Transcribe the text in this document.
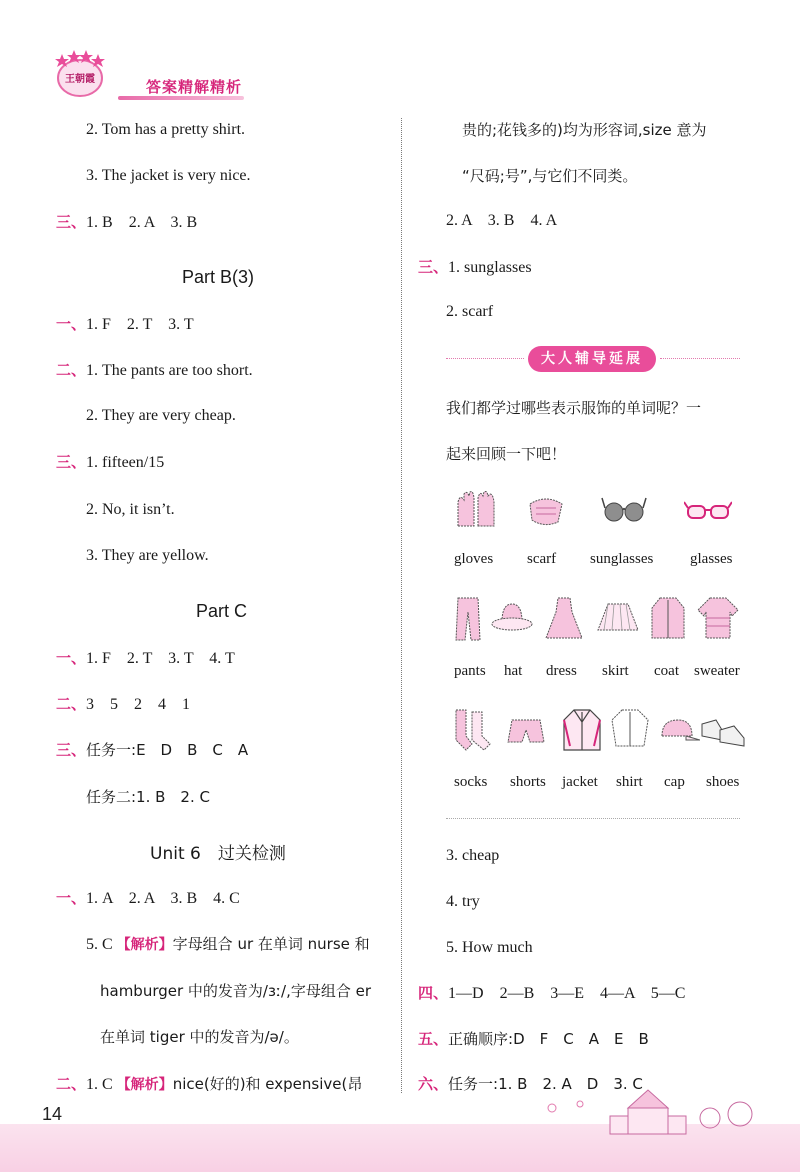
王朝霞	答案精解精析
2. Tom has a pretty shirt.
3. The jacket is very nice.
三、1. B　2. A　3. B
Part B(3)
一、1. F　2. T　3. T
二、1. The pants are too short.
2. They are very cheap.
三、1. fifteen/15
2. No, it isn’t.
3. They are yellow.
Part C
一、1. F　2. T　3. T　4. T
二、3　5　2　4　1
三、任务一:E　D　B　C　A
任务二:1. B　2. C
Unit 6　过关检测
一、1. A　2. A　3. B　4. C
5. C 【解析】字母组合 ur 在单词 nurse 和
hamburger 中的发音为/ɜː/,字母组合 er
在单词 tiger 中的发音为/ə/。
二、1. C 【解析】nice(好的)和 expensive(昂
贵的;花钱多的)均为形容词,size 意为
“尺码;号”,与它们不同类。
2. A　3. B　4. A
三、1. sunglasses
2. scarf
大人辅导延展
我们都学过哪些表示服饰的单词呢？一
起来回顾一下吧！
gloves scarf sunglasses glasses
pants hat dress skirt coat sweater
socks shorts jacket shirt cap shoes
3. cheap
4. try
5. How much
四、1—D　2—B　3—E　4—A　5—C
五、正确顺序:D　F　C　A　E　B
六、任务一:1. B　2. A　D　3. C
14
